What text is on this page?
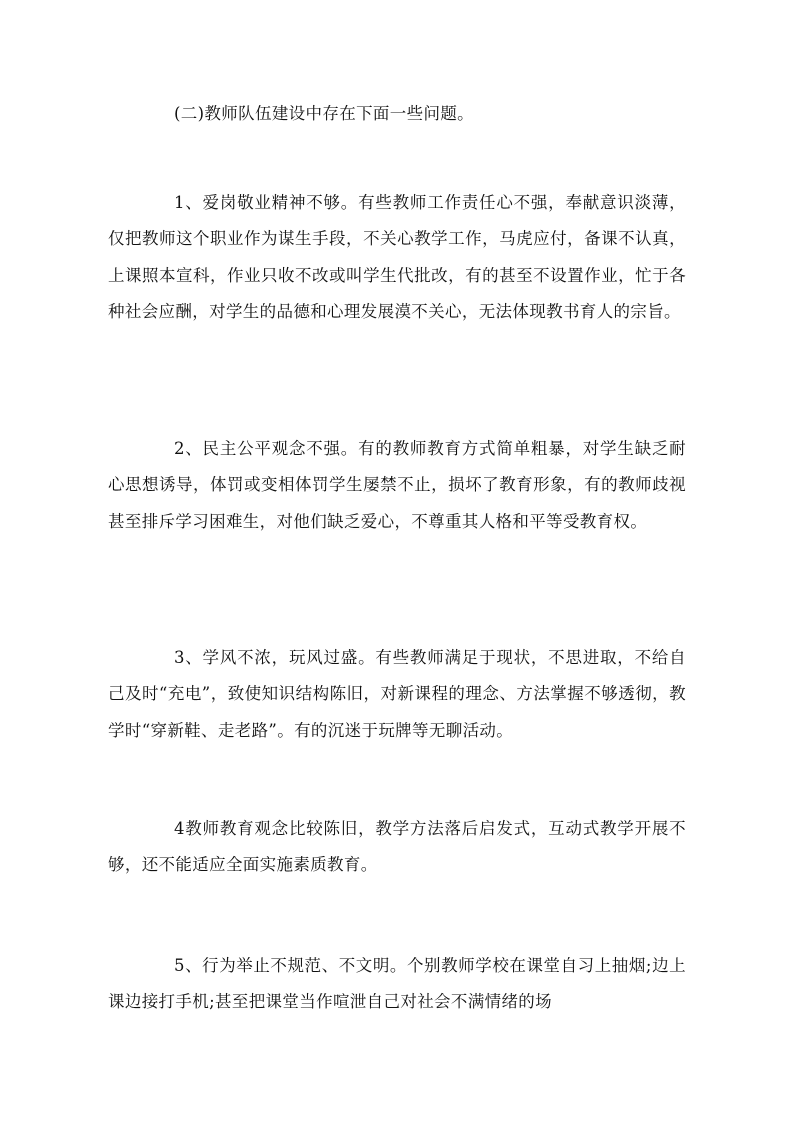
(二)教师队伍建设中存在下面一些问题。

1、爱岗敬业精神不够。有些教师工作责任心不强，奉献意识淡薄，仅把教师这个职业作为谋生手段，不关心教学工作，马虎应付，备课不认真，上课照本宣科，作业只收不改或叫学生代批改，有的甚至不设置作业，忙于各种社会应酬，对学生的品德和心理发展漠不关心，无法体现教书育人的宗旨。

2、民主公平观念不强。有的教师教育方式简单粗暴，对学生缺乏耐心思想诱导，体罚或变相体罚学生屡禁不止，损坏了教育形象，有的教师歧视甚至排斥学习困难生，对他们缺乏爱心，不尊重其人格和平等受教育权。

3、学风不浓，玩风过盛。有些教师满足于现状，不思进取，不给自己及时“充电”，致使知识结构陈旧，对新课程的理念、方法掌握不够透彻，教学时“穿新鞋、走老路”。有的沉迷于玩牌等无聊活动。

4教师教育观念比较陈旧，教学方法落后启发式，互动式教学开展不够，还不能适应全面实施素质教育。

5、行为举止不规范、不文明。个别教师学校在课堂自习上抽烟;边上课边接打手机;甚至把课堂当作喧泄自己对社会不满情绪的场
